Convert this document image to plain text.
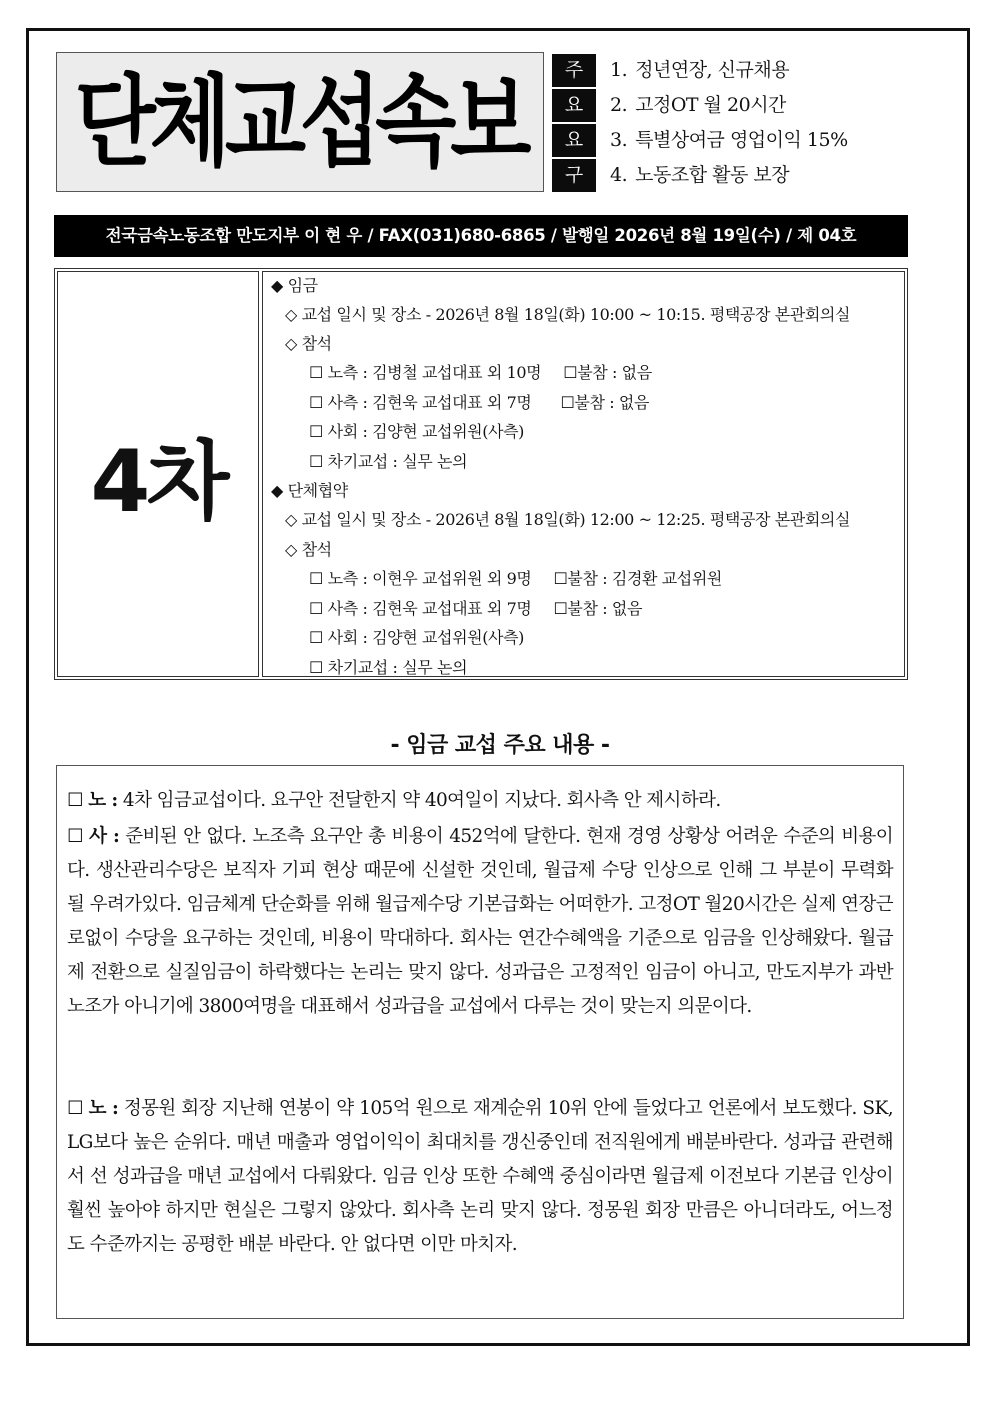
단체교섭속보	주	1. 정년연장, 신규채용
요	2. 고정OT 월 20시간
요	3. 특별상여금 영업이익 15%
구	4. 노동조합 활동 보장
전국금속노동조합 만도지부 이 현 우 / FAX(031)680-6865 / 발행일 2026년 8월 19일(수) / 제 04호
4차
◆ 임금
◇ 교섭 일시 및 장소 - 2026년 8월 18일(화) 10:00 ~ 10:15. 평택공장 본관회의실
◇ 참석
☐ 노측 : 김병철 교섭대표 외 10명 ☐불참 : 없음
☐ 사측 : 김현욱 교섭대표 외 7명 ☐불참 : 없음
☐ 사회 : 김양현 교섭위원(사측)
☐ 차기교섭 : 실무 논의
◆ 단체협약
◇ 교섭 일시 및 장소 - 2026년 8월 18일(화) 12:00 ~ 12:25. 평택공장 본관회의실
◇ 참석
☐ 노측 : 이현우 교섭위원 외 9명 ☐불참 : 김경환 교섭위원
☐ 사측 : 김현욱 교섭대표 외 7명 ☐불참 : 없음
☐ 사회 : 김양현 교섭위원(사측)
☐ 차기교섭 : 실무 논의
- 임금 교섭 주요 내용 -
☐ 노 : 4차 임금교섭이다. 요구안 전달한지 약 40여일이 지났다. 회사측 안 제시하라.
☐ 사 : 준비된 안 없다. 노조측 요구안 총 비용이 452억에 달한다. 현재 경영 상황상 어려운 수준의 비용이다. 생산관리수당은 보직자 기피 현상 때문에 신설한 것인데, 월급제 수당 인상으로 인해 그 부분이 무력화 될 우려가있다. 임금체계 단순화를 위해 월급제수당 기본급화는 어떠한가. 고정OT 월20시간은 실제 연장근로없이 수당을 요구하는 것인데, 비용이 막대하다. 회사는 연간수혜액을 기준으로 임금을 인상해왔다. 월급제 전환으로 실질임금이 하락했다는 논리는 맞지 않다. 성과급은 고정적인 임금이 아니고, 만도지부가 과반노조가 아니기에 3800여명을 대표해서 성과급을 교섭에서 다루는 것이 맞는지 의문이다.
☐ 노 : 정몽원 회장 지난해 연봉이 약 105억 원으로 재계순위 10위 안에 들었다고 언론에서 보도했다. SK, LG보다 높은 순위다. 매년 매출과 영업이익이 최대치를 갱신중인데 전직원에게 배분바란다. 성과급 관련해서 선 성과급을 매년 교섭에서 다뤄왔다. 임금 인상 또한 수혜액 중심이라면 월급제 이전보다 기본급 인상이 훨씬 높아야 하지만 현실은 그렇지 않았다. 회사측 논리 맞지 않다. 정몽원 회장 만큼은 아니더라도, 어느정도 수준까지는 공평한 배분 바란다. 안 없다면 이만 마치자.
